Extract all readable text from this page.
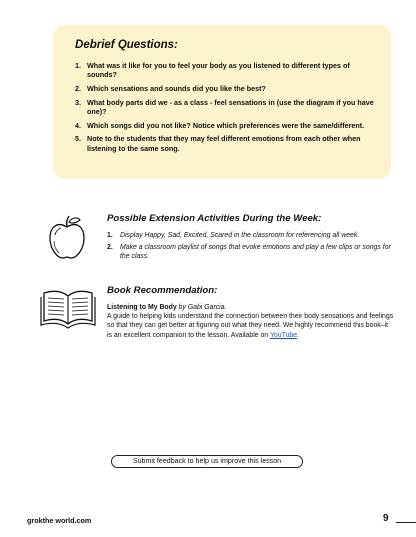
Debrief Questions:
1. What was it like for you to feel your body as you listened to different types of sounds?
2. Which sensations and sounds did you like the best?
3. What body parts did we - as a class - feel sensations in (use the diagram if you have one)?
4. Which songs did you not like? Notice which preferences were the same/different.
5. Note to the students that they may feel different emotions from each other when listening to the same song.
Possible Extension Activities During the Week:
1. Display Happy, Sad, Excited, Scared in the classroom for referencing all week.
2. Make a classroom playlist of songs that evoke emotions and play a few clips or songs for the class.
Book Recommendation:

Listening to My Body by Gabi Garcia.

A guide to helping kids understand the connection between their body sensations and feelings so that they can get better at figuring out what they need. We highly recommend this book–it is an excellent companion to the lesson. Available on YouTube.

Submit feedback to help us improve this lesson
grokthe world.com	9
